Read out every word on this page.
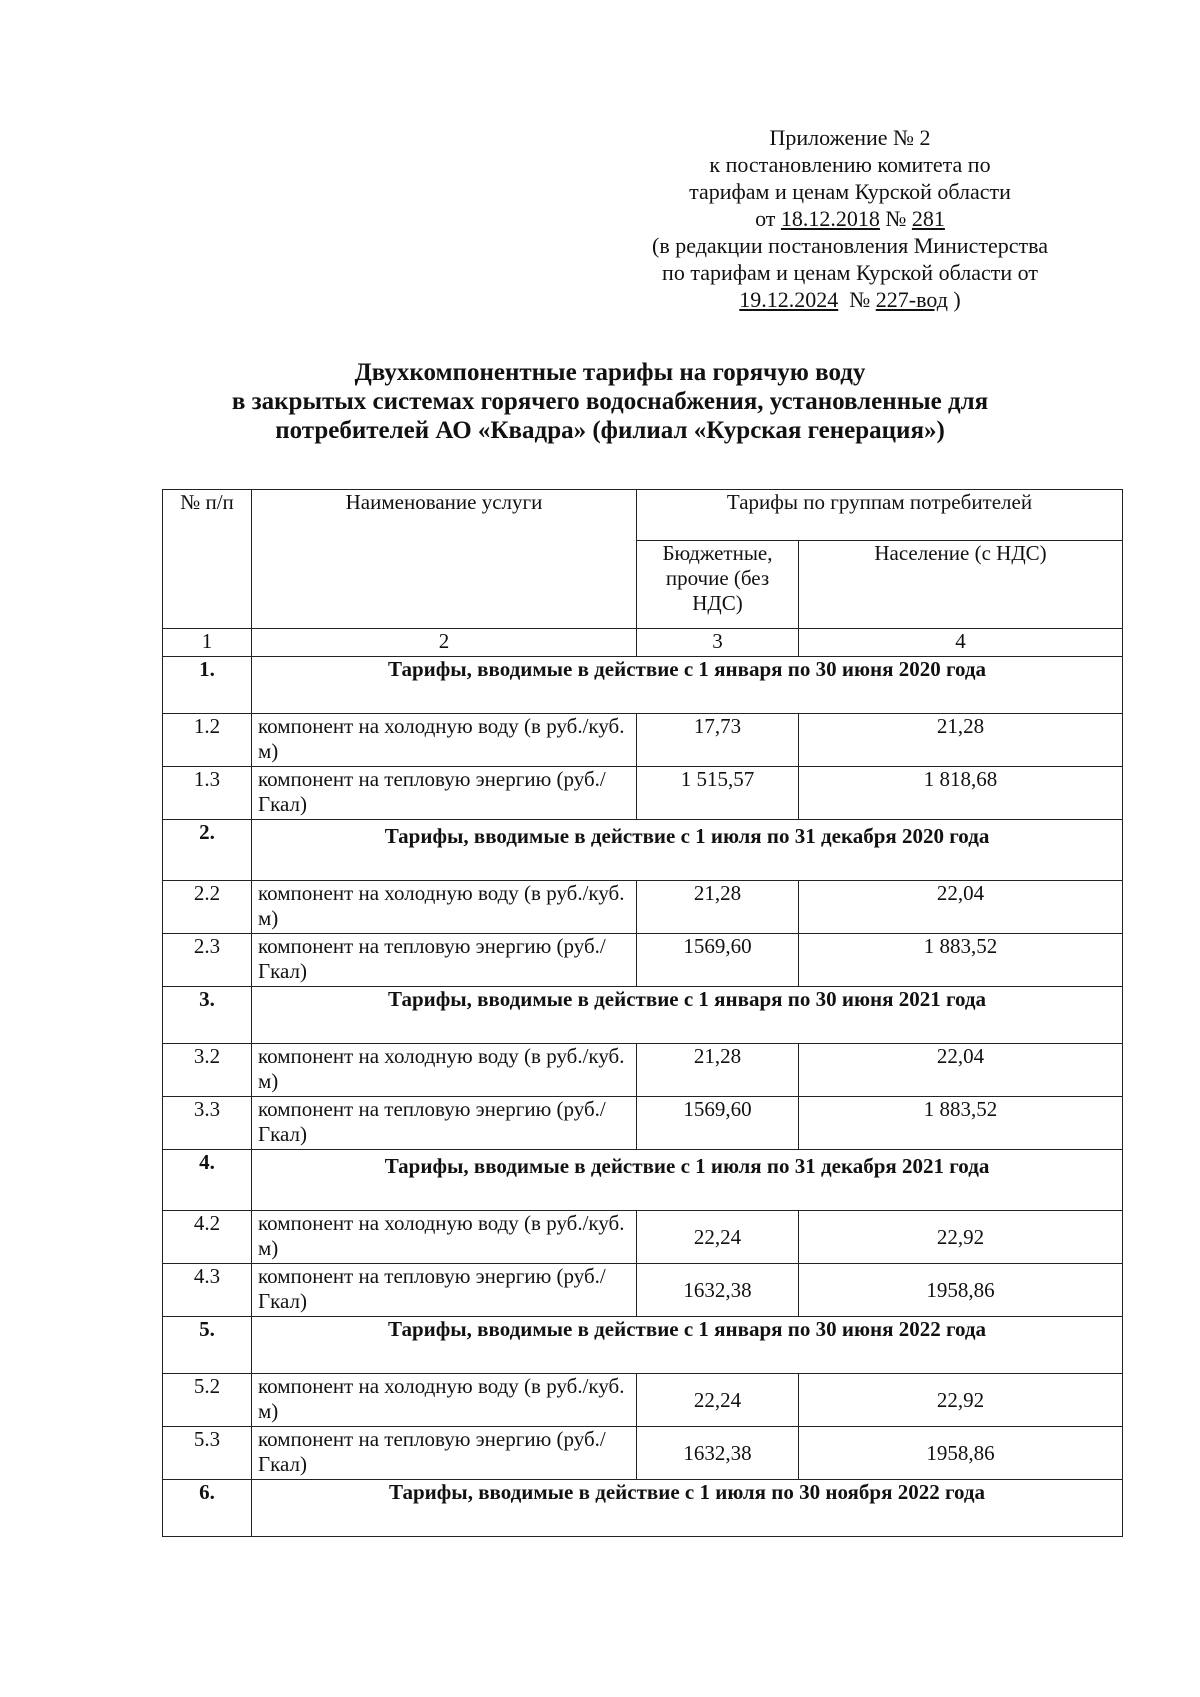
Приложение № 2
к постановлению комитета по
тарифам и ценам Курской области
от 18.12.2018 № 281
(в редакции постановления Министерства
по тарифам и ценам Курской области от
19.12.2024 № 227-вод )
Двухкомпонентные тарифы на горячую воду
в закрытых системах горячего водоснабжения, установленные для
потребителей АО «Квадра» (филиал «Курская генерация»)
№ п/п	Наименование услуги	Тарифы по группам потребителей	
		Бюджетные, прочие (без НДС)	Население (с НДС)
1	2	3	4
1.	Тарифы, вводимые в действие с 1 января по 30 июня 2020 года		
1.2	компонент на холодную воду (в руб./куб. м)	17,73	21,28
1.3	компонент на тепловую энергию (руб./Гкал)	1 515,57	1 818,68
2.	Тарифы, вводимые в действие с 1 июля по 31 декабря 2020 года		
2.2	компонент на холодную воду (в руб./куб. м)	21,28	22,04
2.3	компонент на тепловую энергию (руб./Гкал)	1569,60	1 883,52
3.	Тарифы, вводимые в действие с 1 января по 30 июня 2021 года		
3.2	компонент на холодную воду (в руб./куб. м)	21,28	22,04
3.3	компонент на тепловую энергию (руб./Гкал)	1569,60	1 883,52
4.	Тарифы, вводимые в действие с 1 июля по 31 декабря 2021 года		
4.2	компонент на холодную воду (в руб./куб. м)	22,24	22,92
4.3	компонент на тепловую энергию (руб./Гкал)	1632,38	1958,86
5.	Тарифы, вводимые в действие с 1 января по 30 июня 2022 года		
5.2	компонент на холодную воду (в руб./куб. м)	22,24	22,92
5.3	компонент на тепловую энергию (руб./Гкал)	1632,38	1958,86
6.	Тарифы, вводимые в действие с 1 июля по 30 ноября 2022 года		
